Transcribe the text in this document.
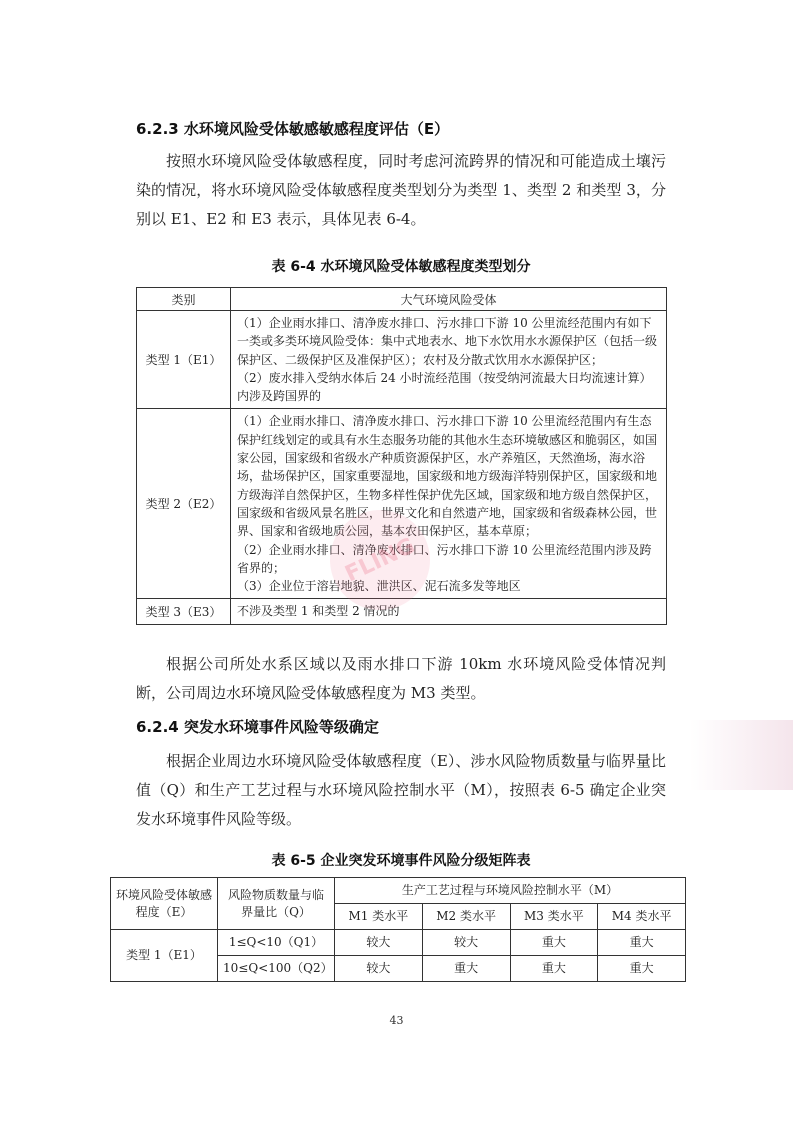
6.2.3 水环境风险受体敏感敏感程度评估（E）
按照水环境风险受体敏感程度，同时考虑河流跨界的情况和可能造成土壤污染的情况，将水环境风险受体敏感程度类型划分为类型 1、类型 2 和类型 3，分别以 E1、E2 和 E3 表示，具体见表 6-4。
表 6-4 水环境风险受体敏感程度类型划分
类别	大气环境风险受体
类型 1（E1）	（1）企业雨水排口、清净废水排口、污水排口下游 10 公里流经范围内有如下一类或多类环境风险受体：集中式地表水、地下水饮用水水源保护区（包括一级保护区、二级保护区及准保护区）；农村及分散式饮用水水源保护区；
（2）废水排入受纳水体后 24 小时流经范围（按受纳河流最大日均流速计算）内涉及跨国界的

类型 2（E2）	（1）企业雨水排口、清净废水排口、污水排口下游 10 公里流经范围内有生态保护红线划定的或具有水生态服务功能的其他水生态环境敏感区和脆弱区，如国家公园，国家级和省级水产种质资源保护区，水产养殖区，天然渔场，海水浴场，盐场保护区，国家重要湿地，国家级和地方级海洋特别保护区，国家级和地方级海洋自然保护区，生物多样性保护优先区域，国家级和地方级自然保护区，国家级和省级风景名胜区，世界文化和自然遗产地，国家级和省级森林公园，世界、国家和省级地质公园，基本农田保护区，基本草原；
（2）企业雨水排口、清净废水排口、污水排口下游 10 公里流经范围内涉及跨省界的；
（3）企业位于溶岩地貌、泄洪区、泥石流多发等地区

类型 3（E3）	不涉及类型 1 和类型 2 情况的
根据公司所处水系区域以及雨水排口下游 10km 水环境风险受体情况判断，公司周边水环境风险受体敏感程度为 M3 类型。
6.2.4 突发水环境事件风险等级确定
根据企业周边水环境风险受体敏感程度（E）、涉水风险物质数量与临界量比值（Q）和生产工艺过程与水环境风险控制水平（M），按照表 6-5 确定企业突发水环境事件风险等级。
表 6-5 企业突发环境事件风险分级矩阵表
环境风险受体敏感程度（E）	风险物质数量与临界量比（Q）	生产工艺过程与环境风险控制水平（M）			
		M1 类水平	M2 类水平	M3 类水平	M4 类水平
类型 1（E1）	1≤Q<10（Q1）	较大	较大	重大	重大
	10≤Q<100（Q2）	较大	重大	重大	重大
43
FLING
